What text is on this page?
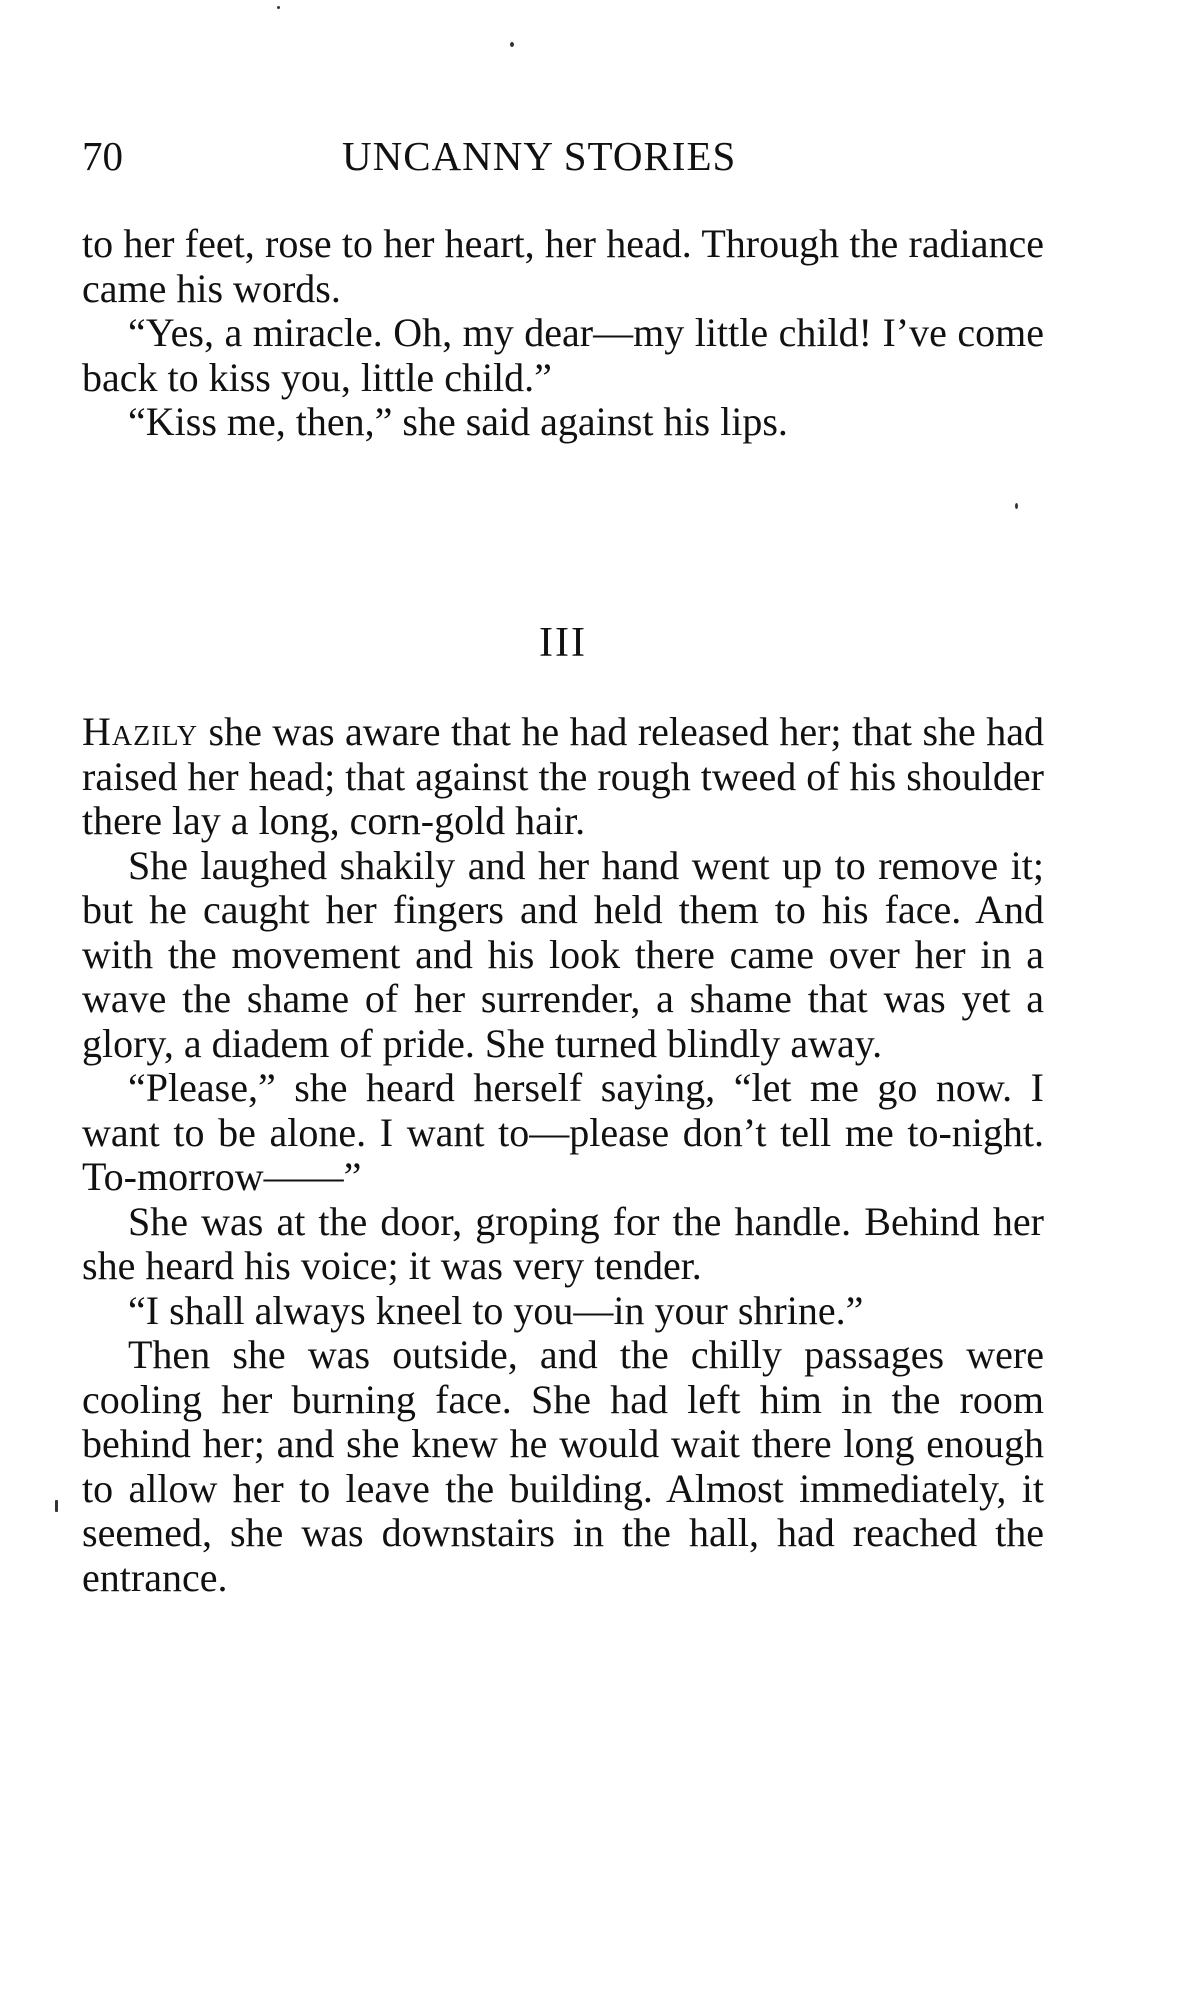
70	UNCANNY STORIES

to her feet, rose to her heart, her head. Through the radiance came his words.

“Yes, a miracle. Oh, my dear—my little child! I’ve come back to kiss you, little child.”

“Kiss me, then,” she said against his lips.

III

Hazily she was aware that he had released her; that she had raised her head; that against the rough tweed of his shoulder there lay a long, corn-gold hair.

She laughed shakily and her hand went up to remove it; but he caught her fingers and held them to his face. And with the movement and his look there came over her in a wave the shame of her surrender, a shame that was yet a glory, a diadem of pride. She turned blindly away.

“Please,” she heard herself saying, “let me go now. I want to be alone. I want to—please don’t tell me to-night. To-morrow——”

She was at the door, groping for the handle. Behind her she heard his voice; it was very tender.

“I shall always kneel to you—in your shrine.”

Then she was outside, and the chilly passages were cooling her burning face. She had left him in the room behind her; and she knew he would wait there long enough to allow her to leave the building. Almost immediately, it seemed, she was downstairs in the hall, had reached the entrance.
